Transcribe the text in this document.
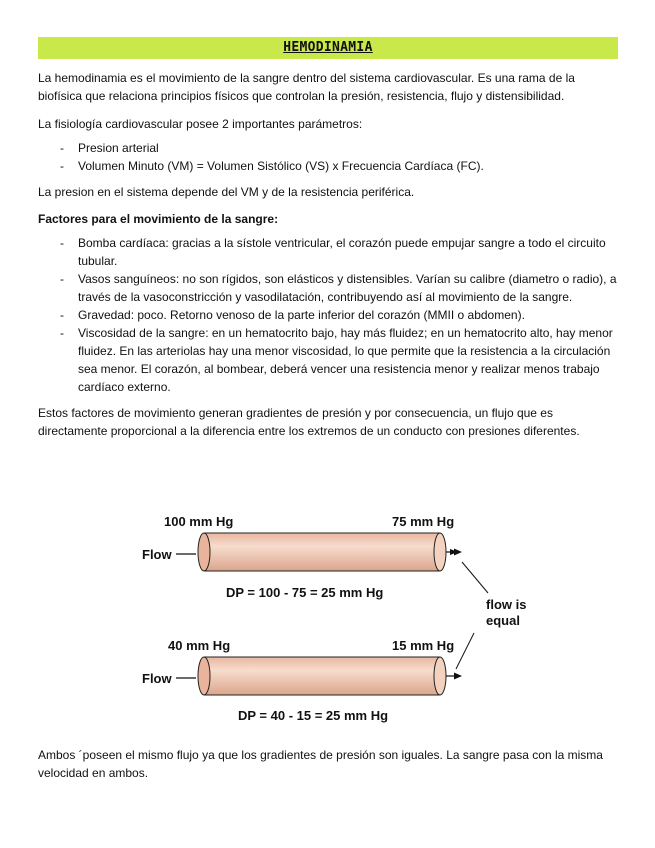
HEMODINAMIA

La hemodinamia es el movimiento de la sangre dentro del sistema cardiovascular. Es una rama de la biofísica que relaciona principios físicos que controlan la presión, resistencia, flujo y distensibilidad.

La fisiología cardiovascular posee 2 importantes parámetros:

- Presion arterial
- Volumen Minuto (VM) = Volumen Sistólico (VS) x Frecuencia Cardíaca (FC).

La presion en el sistema depende del VM y de la resistencia periférica.

Factores para el movimiento de la sangre:
- Bomba cardíaca: gracias a la sístole ventricular, el corazón puede empujar sangre a todo el circuito tubular.
- Vasos sanguíneos: no son rígidos, son elásticos y distensibles. Varían su calibre (diametro o radio), a través de la vasoconstricción y vasodilatación, contribuyendo así al movimiento de la sangre.
- Gravedad: poco. Retorno venoso de la parte inferior del corazón (MMII o abdomen).
- Viscosidad de la sangre: en un hematocrito bajo, hay más fluidez; en un hematocrito alto, hay menor fluidez. En las arteriolas hay una menor viscosidad, lo que permite que la resistencia a la circulación sea menor. El corazón, al bombear, deberá vencer una resistencia menor y realizar menos trabajo cardíaco externo.

Estos factores de movimiento generan gradientes de presión y por consecuencia, un flujo que es directamente proporcional a la diferencia entre los extremos de un conducto con presiones diferentes.

100 mm Hg	75 mm Hg
Flow
DP = 100 - 75 = 25 mm Hg
40 mm Hg	15 mm Hg
Flow
DP = 40 - 15 = 25 mm Hg
flow is
equal

Ambos ´poseen el mismo flujo ya que los gradientes de presión son iguales. La sangre pasa con la misma velocidad en ambos.
